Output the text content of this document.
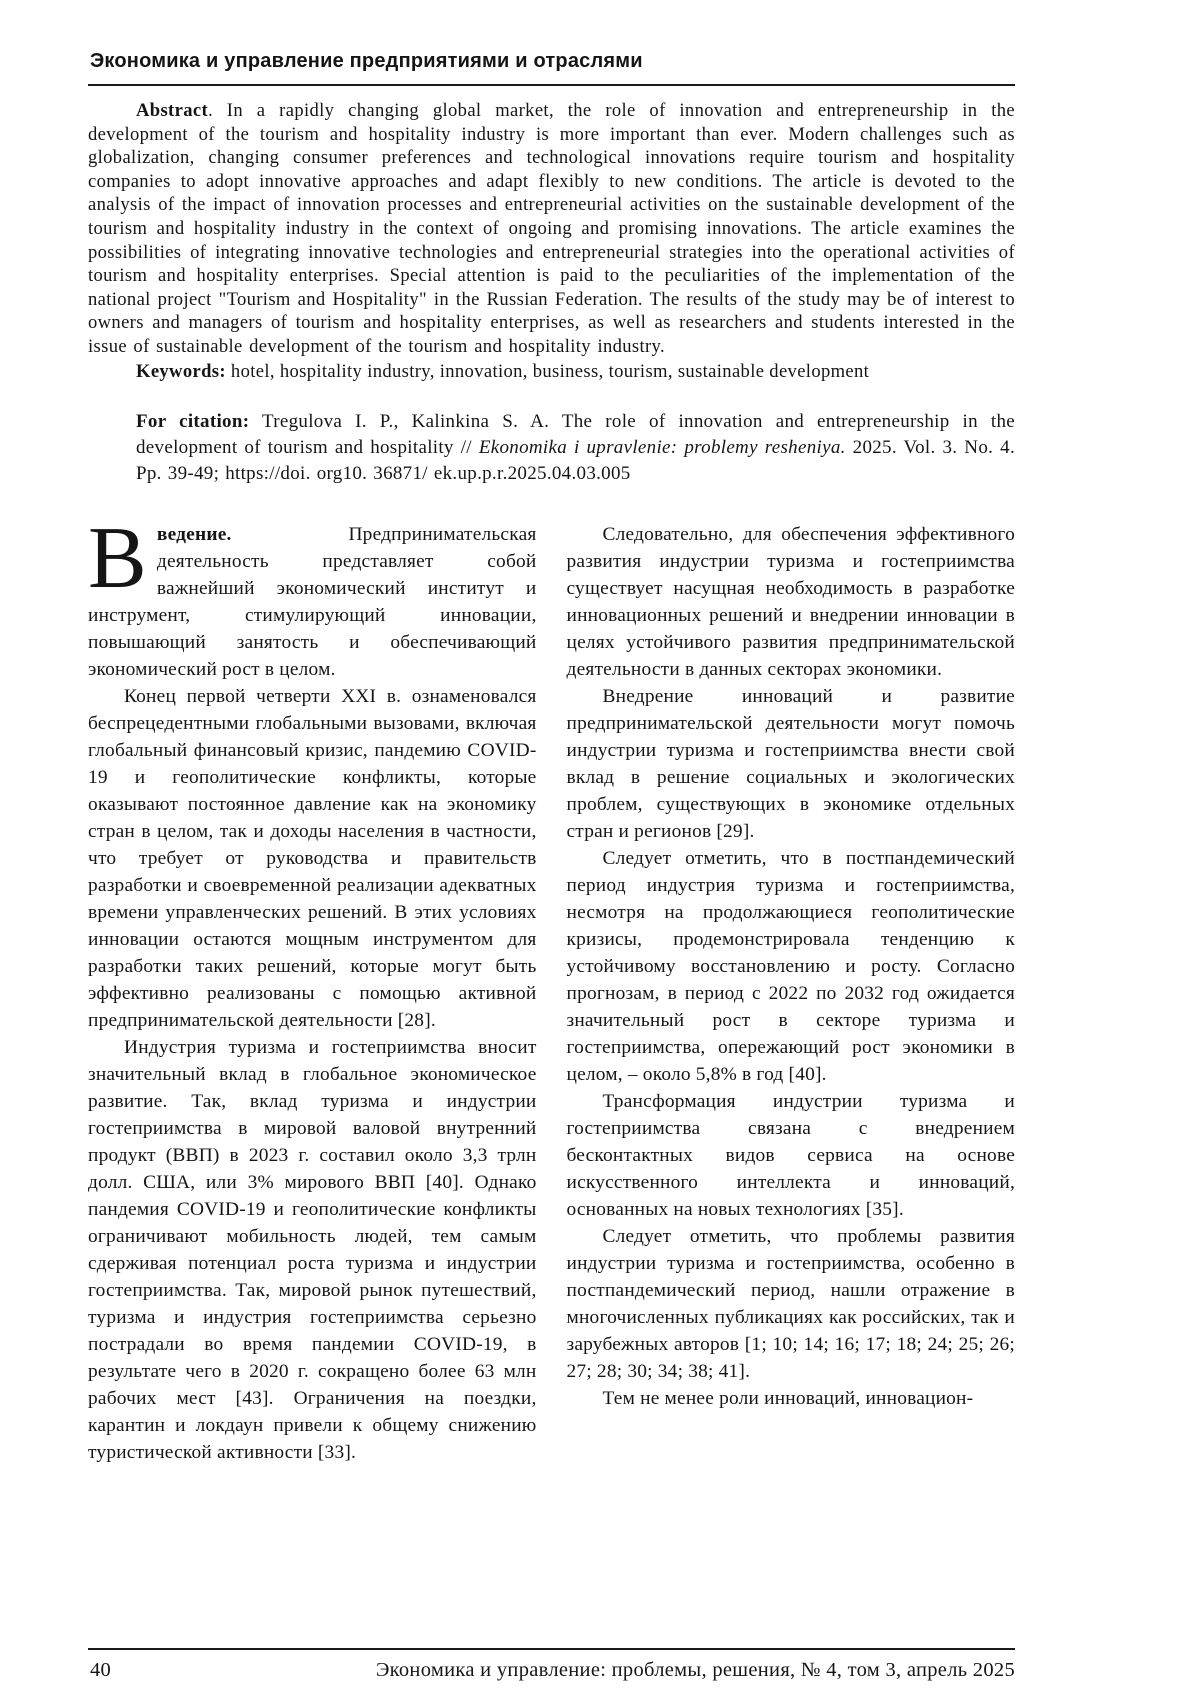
Экономика и управление предприятиями и отраслями

Abstract. In a rapidly changing global market, the role of innovation and entrepreneurship in the development of the tourism and hospitality industry is more important than ever. Modern challenges such as globalization, changing consumer preferences and technological innovations require tourism and hospitality companies to adopt innovative approaches and adapt flexibly to new conditions. The article is devoted to the analysis of the impact of innovation processes and entrepreneurial activities on the sustainable development of the tourism and hospitality industry in the context of ongoing and promising innovations. The article examines the possibilities of integrating innovative technologies and entrepreneurial strategies into the operational activities of tourism and hospitality enterprises. Special attention is paid to the peculiarities of the implementation of the national project "Tourism and Hospitality" in the Russian Federation. The results of the study may be of interest to owners and managers of tourism and hospitality enterprises, as well as researchers and students interested in the issue of sustainable development of the tourism and hospitality industry.

Keywords: hotel, hospitality industry, innovation, business, tourism, sustainable development

For citation: Tregulova I. P., Kalinkina S. A. The role of innovation and entrepreneurship in the development of tourism and hospitality // Ekonomika i upravlenie: problemy resheniya. 2025. Vol. 3. No. 4. Pp. 39-49; https://doi. org10. 36871/ ek.up.p.r.2025.04.03.005

Введение.	Предпринимательская деятельность представляет собой важнейший экономический институт и инструмент, стимулирующий инновации, повышающий занятость и обеспечивающий экономический рост в целом.

Конец первой четверти XXI в. ознаменовался беспрецедентными глобальными вызовами, включая глобальный финансовый кризис, пандемию COVID-19 и геополитические конфликты, которые оказывают постоянное давление как на экономику стран в целом, так и доходы населения в частности, что требует от руководства и правительств разработки и своевременной реализации адекватных времени управленческих решений. В этих условиях инновации остаются мощным инструментом для разработки таких решений, которые могут быть эффективно реализованы с помощью активной предпринимательской деятельности [28].

Индустрия туризма и гостеприимства вносит значительный вклад в глобальное экономическое развитие. Так, вклад туризма и индустрии гостеприимства в мировой валовой внутренний продукт (ВВП) в 2023 г. составил около 3,3 трлн долл. США, или 3% мирового ВВП [40]. Однако пандемия COVID-19 и геополитические конфликты ограничивают мобильность людей, тем самым сдерживая потенциал роста туризма и индустрии гостеприимства. Так, мировой рынок путешествий, туризма и индустрия гостеприимства серьезно пострадали во время пандемии COVID-19, в результате чего в 2020 г. сокращено более 63 млн рабочих мест [43]. Ограничения на поездки, карантин и локдаун привели к общему снижению туристической активности [33].

Следовательно, для обеспечения эффективного развития индустрии туризма и гостеприимства существует насущная необходимость в разработке инновационных решений и внедрении инновации в целях устойчивого развития предпринимательской деятельности в данных секторах экономики.

Внедрение инноваций и развитие предпринимательской деятельности могут помочь индустрии туризма и гостеприимства внести свой вклад в решение социальных и экологических проблем, существующих в экономике отдельных стран и регионов [29].

Следует отметить, что в постпандемический период индустрия туризма и гостеприимства, несмотря на продолжающиеся геополитические кризисы, продемонстрировала тенденцию к устойчивому восстановлению и росту. Согласно прогнозам, в период с 2022 по 2032 год ожидается значительный рост в секторе туризма и гостеприимства, опережающий рост экономики в целом, – около 5,8% в год [40].

Трансформация индустрии туризма и гостеприимства связана с внедрением бесконтактных видов сервиса на основе искусственного интеллекта и инноваций, основанных на новых технологиях [35].

Следует отметить, что проблемы развития индустрии туризма и гостеприимства, особенно в постпандемический период, нашли отражение в многочисленных публикациях как российских, так и зарубежных авторов [1; 10; 14; 16; 17; 18; 24; 25; 26; 27; 28; 30; 34; 38; 41].

Тем не менее роли инноваций, инновацион-

40	Экономика и управление: проблемы, решения, № 4, том 3, апрель 2025
